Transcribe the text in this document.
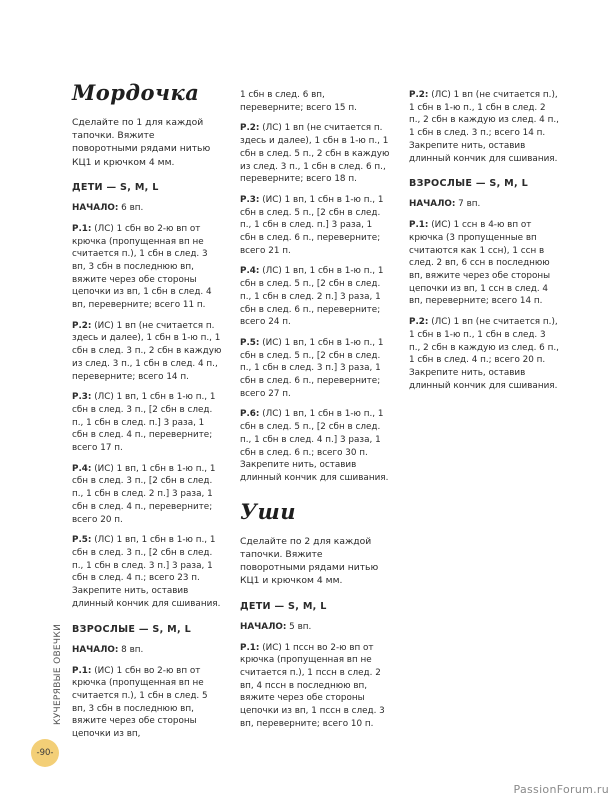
Мордочка

Сделайте по 1 для каждой тапочки. Вяжите поворотными рядами нитью КЦ1 и крючком 4 мм.

ДЕТИ — S, M, L

НАЧАЛО: 6 вп.

Р.1: (ЛС) 1 сбн во 2-ю вп от крючка (пропущенная вп не считается п.), 1 сбн в след. 3 вп, 3 сбн в последнюю вп, вяжите через обе стороны цепочки из вп, 1 сбн в след. 4 вп, переверните; всего 11 п.

Р.2: (ИС) 1 вп (не считается п. здесь и далее), 1 сбн в 1-ю п., 1 сбн в след. 3 п., 2 сбн в каждую из след. 3 п., 1 сбн в след. 4 п., переверните; всего 14 п.

Р.3: (ЛС) 1 вп, 1 сбн в 1-ю п., 1 сбн в след. 3 п., [2 сбн в след. п., 1 сбн в след. п.] 3 раза, 1 сбн в след. 4 п., переверните; всего 17 п.

Р.4: (ИС) 1 вп, 1 сбн в 1-ю п., 1 сбн в след. 3 п., [2 сбн в след. п., 1 сбн в след. 2 п.] 3 раза, 1 сбн в след. 4 п., переверните; всего 20 п.

Р.5: (ЛС) 1 вп, 1 сбн в 1-ю п., 1 сбн в след. 3 п., [2 сбн в след. п., 1 сбн в след. 3 п.] 3 раза, 1 сбн в след. 4 п.; всего 23 п. Закрепите нить, оставив длинный кончик для сшивания.

ВЗРОСЛЫЕ — S, M, L

НАЧАЛО: 8 вп.

Р.1: (ИС) 1 сбн во 2-ю вп от крючка (пропущенная вп не считается п.), 1 сбн в след. 5 вп, 3 сбн в последнюю вп, вяжите через обе стороны цепочки из вп,

1 сбн в след. 6 вп, переверните; всего 15 п.

Р.2: (ЛС) 1 вп (не считается п. здесь и далее), 1 сбн в 1-ю п., 1 сбн в след. 5 п., 2 сбн в каждую из след. 3 п., 1 сбн в след. 6 п., переверните; всего 18 п.

Р.3: (ИС) 1 вп, 1 сбн в 1-ю п., 1 сбн в след. 5 п., [2 сбн в след. п., 1 сбн в след. п.] 3 раза, 1 сбн в след. 6 п., переверните; всего 21 п.

Р.4: (ЛС) 1 вп, 1 сбн в 1-ю п., 1 сбн в след. 5 п., [2 сбн в след. п., 1 сбн в след. 2 п.] 3 раза, 1 сбн в след. 6 п., переверните; всего 24 п.

Р.5: (ИС) 1 вп, 1 сбн в 1-ю п., 1 сбн в след. 5 п., [2 сбн в след. п., 1 сбн в след. 3 п.] 3 раза, 1 сбн в след. 6 п., переверните; всего 27 п.

Р.6: (ЛС) 1 вп, 1 сбн в 1-ю п., 1 сбн в след. 5 п., [2 сбн в след. п., 1 сбн в след. 4 п.] 3 раза, 1 сбн в след. 6 п.; всего 30 п. Закрепите нить, оставив длинный кончик для сшивания.

Уши

Сделайте по 2 для каждой тапочки. Вяжите поворотными рядами нитью КЦ1 и крючком 4 мм.

ДЕТИ — S, M, L

НАЧАЛО: 5 вп.

Р.1: (ИС) 1 пссн во 2-ю вп от крючка (пропущенная вп не считается п.), 1 пссн в след. 2 вп, 4 пссн в последнюю вп, вяжите через обе стороны цепочки из вп, 1 пссн в след. 3 вп, переверните; всего 10 п.

Р.2: (ЛС) 1 вп (не считается п.), 1 сбн в 1-ю п., 1 сбн в след. 2 п., 2 сбн в каждую из след. 4 п., 1 сбн в след. 3 п.; всего 14 п. Закрепите нить, оставив длинный кончик для сшивания.

ВЗРОСЛЫЕ — S, M, L

НАЧАЛО: 7 вп.

Р.1: (ИС) 1 ссн в 4-ю вп от крючка (3 пропущенные вп считаются как 1 ссн), 1 ссн в след. 2 вп, 6 ссн в последнюю вп, вяжите через обе стороны цепочки из вп, 1 ссн в след. 4 вп, переверните; всего 14 п.

Р.2: (ЛС) 1 вп (не считается п.), 1 сбн в 1-ю п., 1 сбн в след. 3 п., 2 сбн в каждую из след. 6 п., 1 сбн в след. 4 п.; всего 20 п. Закрепите нить, оставив длинный кончик для сшивания.

КУЧЕРЯВЫЕ ОВЕЧКИ
-90-
PassionForum.ru
